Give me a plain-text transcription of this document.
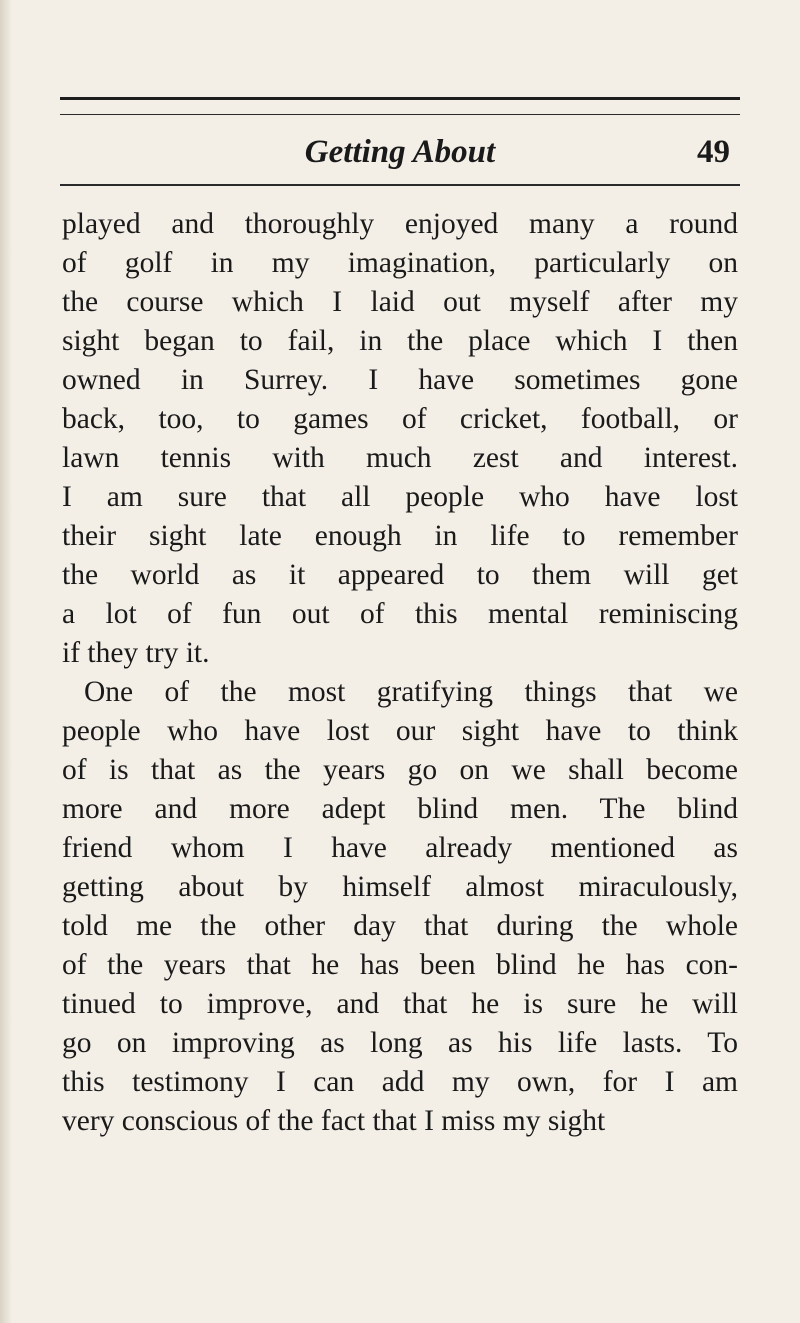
Getting About	49
played and thoroughly enjoyed many a round
of golf in my imagination, particularly on
the course which I laid out myself after my
sight began to fail, in the place which I then
owned in Surrey. I have sometimes gone
back, too, to games of cricket, football, or
lawn tennis with much zest and interest.
I am sure that all people who have lost
their sight late enough in life to remember
the world as it appeared to them will get
a lot of fun out of this mental reminiscing
if they try it.
One of the most gratifying things that we
people who have lost our sight have to think
of is that as the years go on we shall become
more and more adept blind men. The blind
friend whom I have already mentioned as
getting about by himself almost miraculously,
told me the other day that during the whole
of the years that he has been blind he has con-
tinued to improve, and that he is sure he will
go on improving as long as his life lasts. To
this testimony I can add my own, for I am
very conscious of the fact that I miss my sight
